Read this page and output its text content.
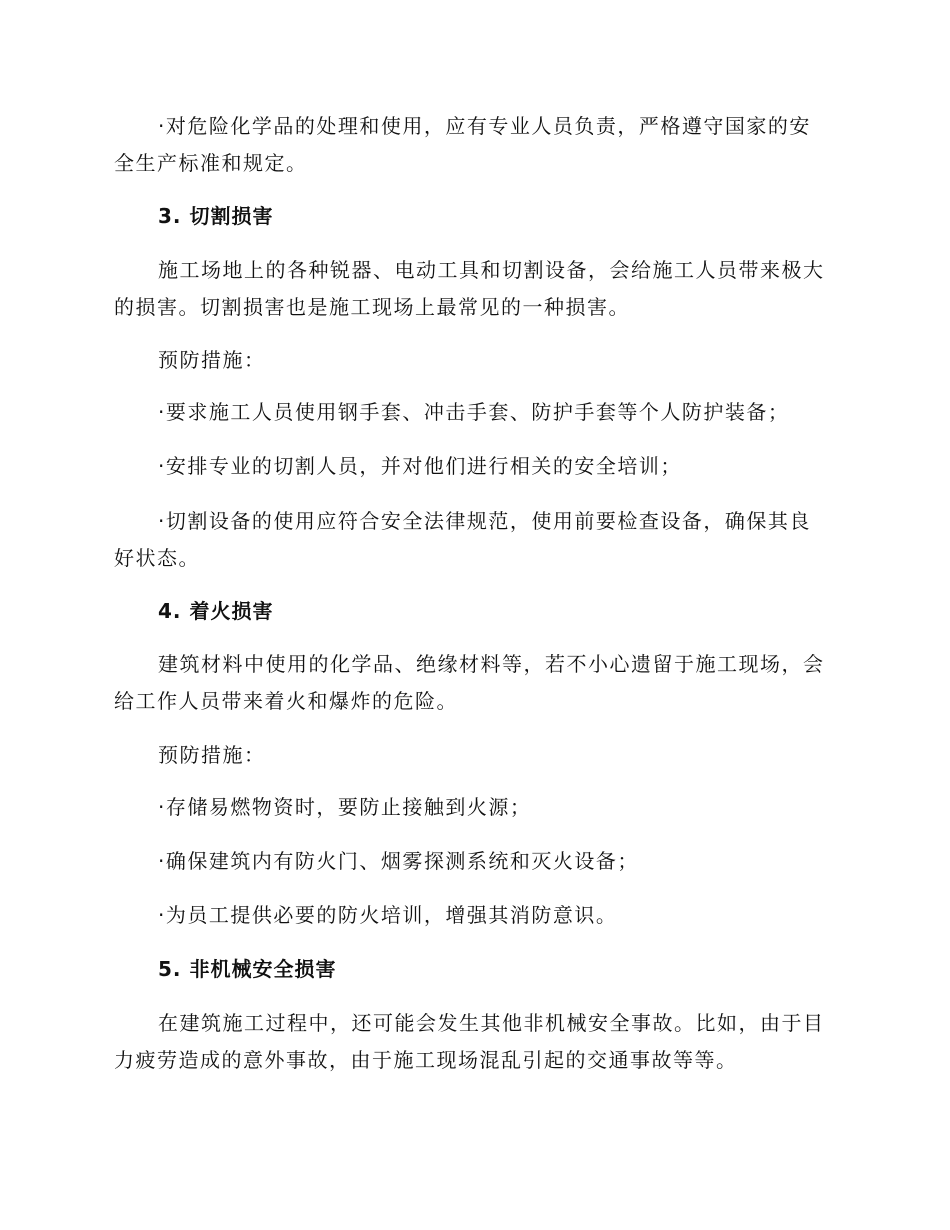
·对危险化学品的处理和使用，应有专业人员负责，严格遵守国家的安全生产标准和规定。

3. 切割损害

施工场地上的各种锐器、电动工具和切割设备，会给施工人员带来极大的损害。切割损害也是施工现场上最常见的一种损害。

预防措施：

·要求施工人员使用钢手套、冲击手套、防护手套等个人防护装备；

·安排专业的切割人员，并对他们进行相关的安全培训；

·切割设备的使用应符合安全法律规范，使用前要检查设备，确保其良好状态。

4. 着火损害

建筑材料中使用的化学品、绝缘材料等，若不小心遗留于施工现场，会给工作人员带来着火和爆炸的危险。

预防措施：

·存储易燃物资时，要防止接触到火源；

·确保建筑内有防火门、烟雾探测系统和灭火设备；

·为员工提供必要的防火培训，增强其消防意识。

5. 非机械安全损害

在建筑施工过程中，还可能会发生其他非机械安全事故。比如，由于目力疲劳造成的意外事故，由于施工现场混乱引起的交通事故等等。
